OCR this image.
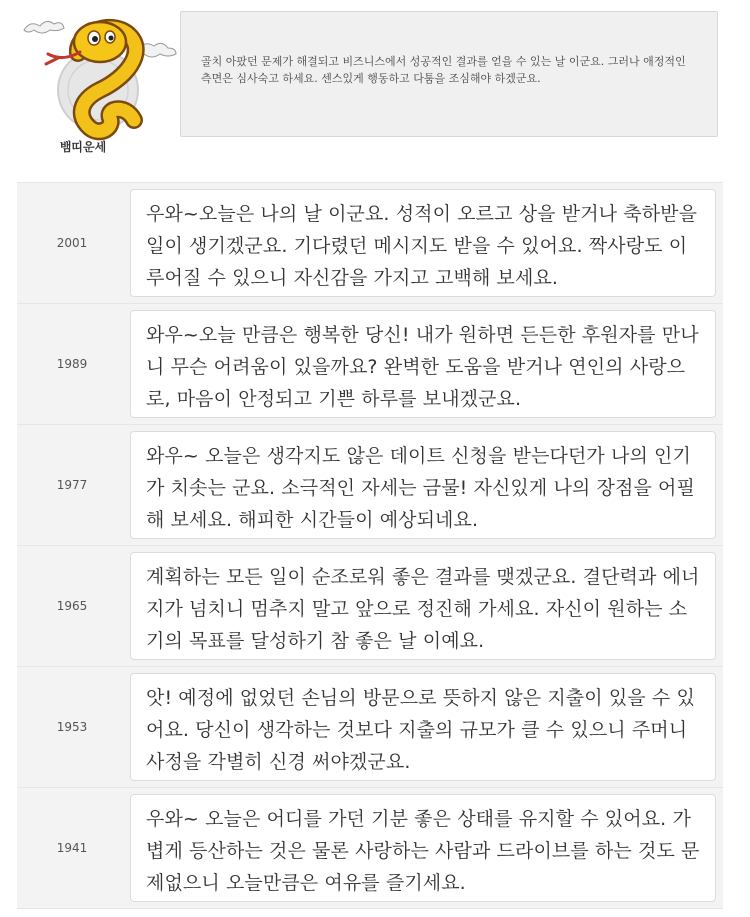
뱀띠운세
골치 아팠던 문제가 해결되고 비즈니스에서 성공적인 결과를 얻을 수 있는 날 이군요. 그러나 애정적인 측면은 심사숙고 하세요. 센스있게 행동하고 다툼을 조심해야 하겠군요.
2001
우와~오늘은 나의 날 이군요. 성적이 오르고 상을 받거나 축하받을 일이 생기겠군요. 기다렸던 메시지도 받을 수 있어요. 짝사랑도 이루어질 수 있으니 자신감을 가지고 고백해 보세요.
1989
와우~오늘 만큼은 행복한 당신! 내가 원하면 든든한 후원자를 만나니 무슨 어려움이 있을까요? 완벽한 도움을 받거나 연인의 사랑으로, 마음이 안정되고 기쁜 하루를 보내겠군요.
1977
와우~ 오늘은 생각지도 않은 데이트 신청을 받는다던가 나의 인기가 치솟는 군요. 소극적인 자세는 금물! 자신있게 나의 장점을 어필해 보세요. 해피한 시간들이 예상되네요.
1965
계획하는 모든 일이 순조로워 좋은 결과를 맺겠군요. 결단력과 에너지가 넘치니 멈추지 말고 앞으로 정진해 가세요. 자신이 원하는 소기의 목표를 달성하기 참 좋은 날 이예요.
1953
앗! 예정에 없었던 손님의 방문으로 뜻하지 않은 지출이 있을 수 있어요. 당신이 생각하는 것보다 지출의 규모가 클 수 있으니 주머니 사정을 각별히 신경 써야겠군요.
1941
우와~ 오늘은 어디를 가던 기분 좋은 상태를 유지할 수 있어요. 가볍게 등산하는 것은 물론 사랑하는 사람과 드라이브를 하는 것도 문제없으니 오늘만큼은 여유를 즐기세요.
